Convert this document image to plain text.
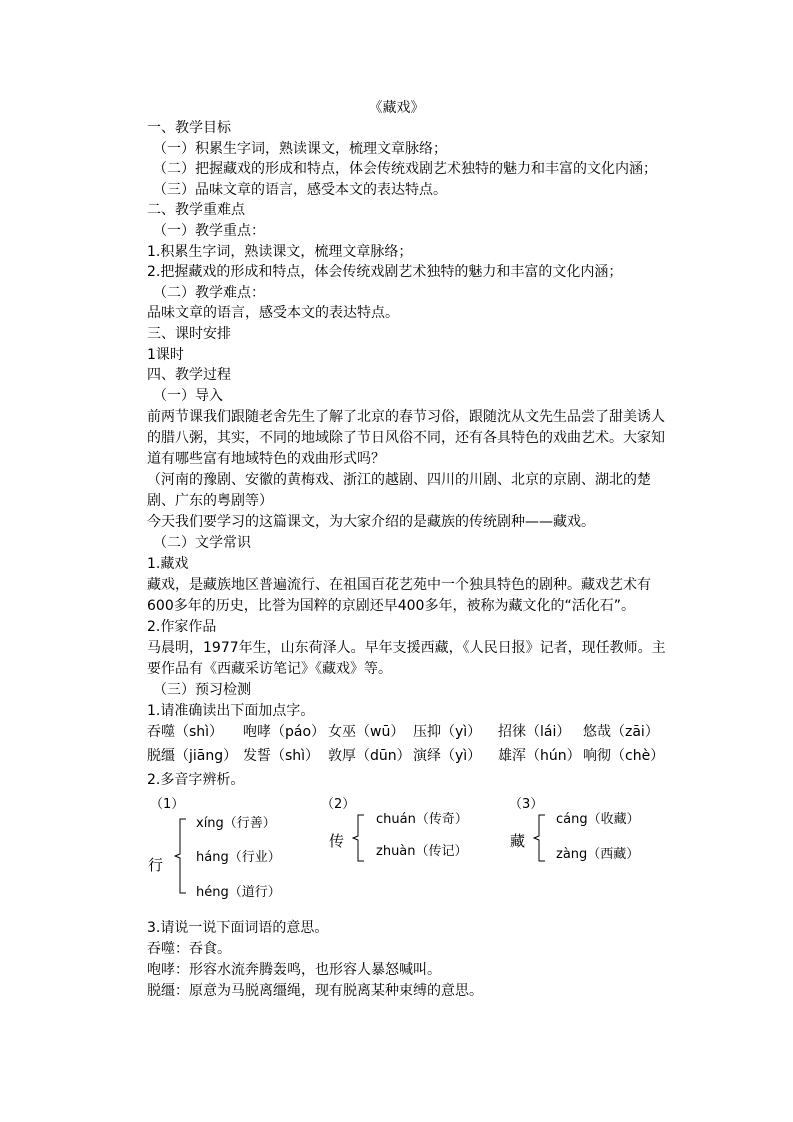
《藏戏》
一、教学目标
（一）积累生字词，熟读课文，梳理文章脉络；
（二）把握藏戏的形成和特点，体会传统戏剧艺术独特的魅力和丰富的文化内涵；
（三）品味文章的语言，感受本文的表达特点。
二、教学重难点
（一）教学重点：
1.积累生字词，熟读课文，梳理文章脉络；
2.把握藏戏的形成和特点，体会传统戏剧艺术独特的魅力和丰富的文化内涵；
（二）教学难点：
品味文章的语言，感受本文的表达特点。
三、课时安排
1课时
四、教学过程
（一）导入
前两节课我们跟随老舍先生了解了北京的春节习俗，跟随沈从文先生品尝了甜美诱人的腊八粥，其实，不同的地域除了节日风俗不同，还有各具特色的戏曲艺术。大家知道有哪些富有地域特色的戏曲形式吗？
（河南的豫剧、安徽的黄梅戏、浙江的越剧、四川的川剧、北京的京剧、湖北的楚剧、广东的粤剧等）
今天我们要学习的这篇课文，为大家介绍的是藏族的传统剧种——藏戏。
（二）文学常识
1.藏戏
藏戏，是藏族地区普遍流行、在祖国百花艺苑中一个独具特色的剧种。藏戏艺术有600多年的历史，比誉为国粹的京剧还早400多年，被称为藏文化的“活化石”。
2.作家作品
马晨明，1977年生，山东荷泽人。早年支援西藏，《人民日报》记者，现任教师。主要作品有《西藏采访笔记》《藏戏》等。
（三）预习检测
1.请准确读出下面加点字。
吞噬（shì） 咆哮（páo） 女巫（wū） 压抑（yì） 招徕（lái） 悠哉（zāi）
脱缰（jiāng） 发誓（shì） 敦厚（dūn） 演绎（yì） 雄浑（hún） 响彻（chè）
2.多音字辨析。
（1）
行
xíng（行善）
háng（行业）
héng（道行）
（2）
传
chuán（传奇）
zhuàn（传记）
（3）
藏
cáng（收藏）
zàng（西藏）
3.请说一说下面词语的意思。
吞噬：吞食。
咆哮：形容水流奔腾轰鸣，也形容人暴怒喊叫。
脱缰：原意为马脱离缰绳，现有脱离某种束缚的意思。
